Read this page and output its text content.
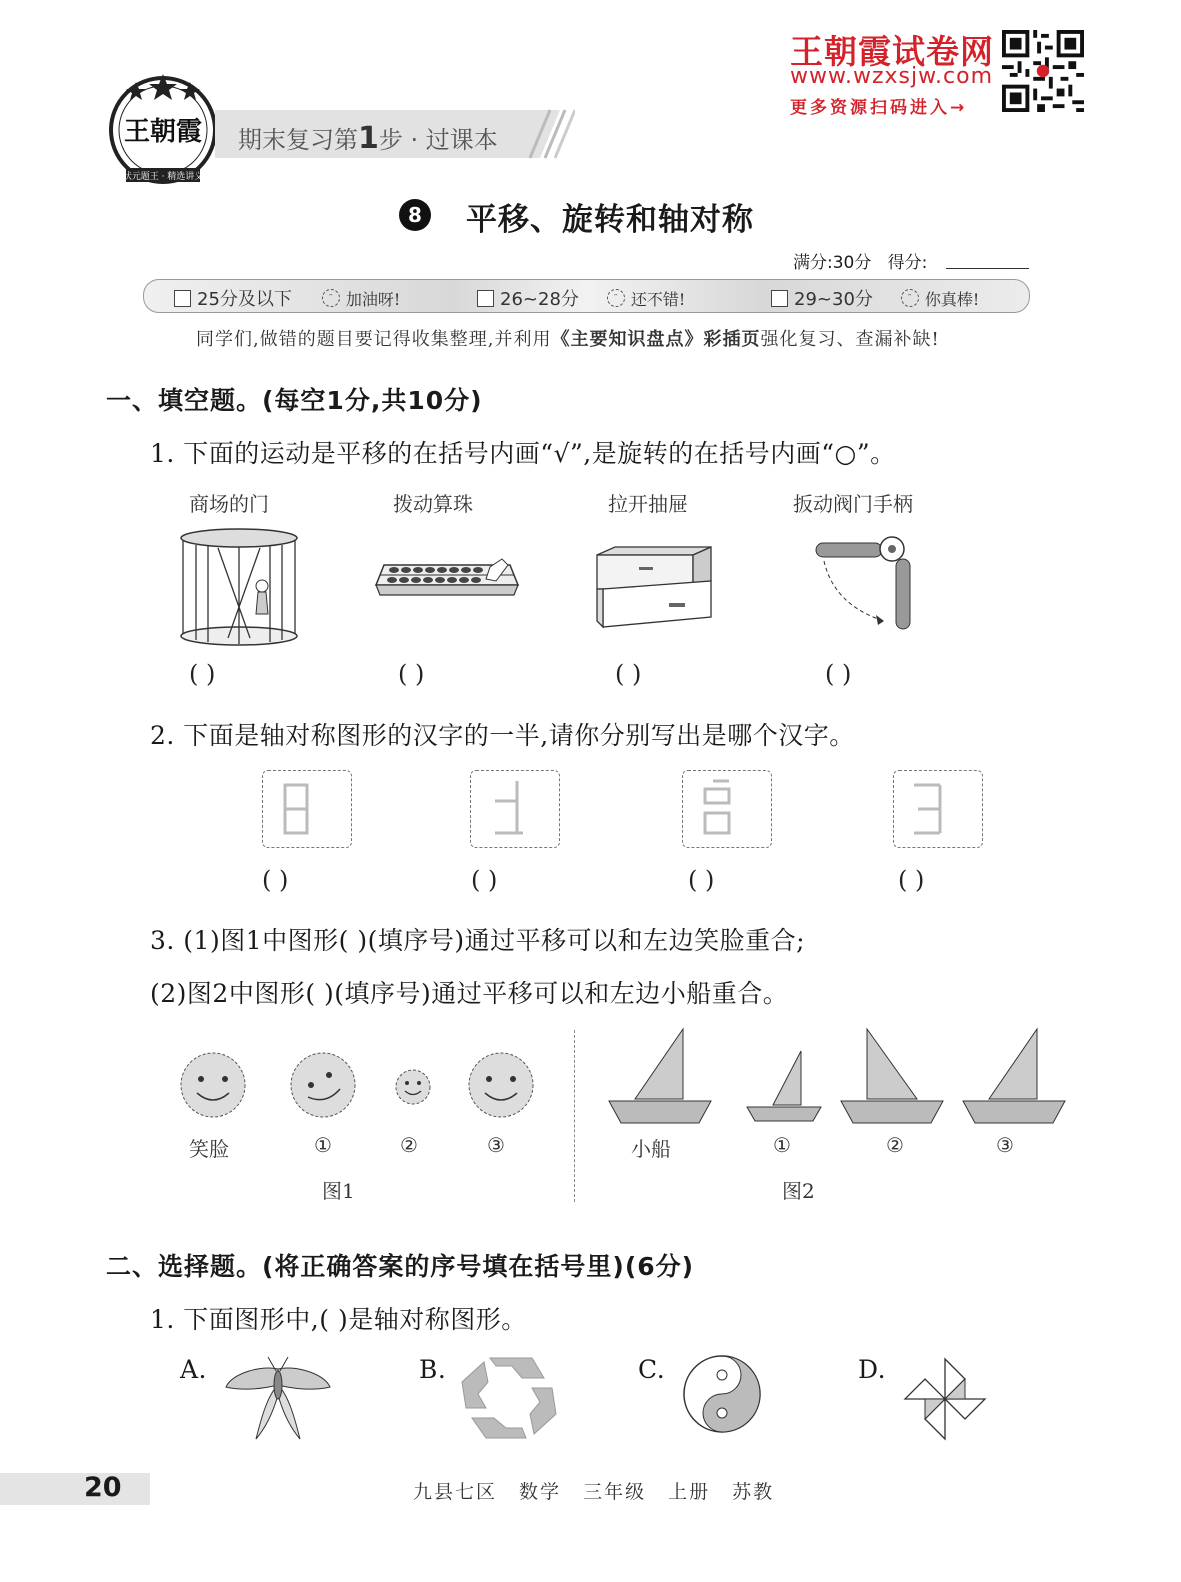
状元题王 · 精选讲义
王朝霞 期末复习第1步 · 过课本
王朝霞试卷网
www.wzxsjw.com
更多资源扫码进入→
8 平移、旋转和轴对称
满分:30分 得分:
25分及以下	ᵔ 加油呀!	26~28分	ᵔ 还不错!	29~30分	ᵔ 你真棒!
同学们,做错的题目要记得收集整理,并利用《主要知识盘点》彩插页强化复习、查漏补缺!
一、填空题。(每空1分,共10分)
1. 下面的运动是平移的在括号内画“√”,是旋转的在括号内画“○”。
商场的门	拨动算珠	拉开抽屉	扳动阀门手柄
( )	( )	( )	( )
2. 下面是轴对称图形的汉字的一半,请你分别写出是哪个汉字。
( )	( )	( )	( )
3. (1)图1中图形( )(填序号)通过平移可以和左边笑脸重合;
(2)图2中图形( )(填序号)通过平移可以和左边小船重合。
笑脸	①	②	③
图1
小船	①	②	③
图2
二、选择题。(将正确答案的序号填在括号里)(6分)
1. 下面图形中,( )是轴对称图形。
A.	B.	C.	D.
20	九县七区 数学 三年级 上册 苏教
